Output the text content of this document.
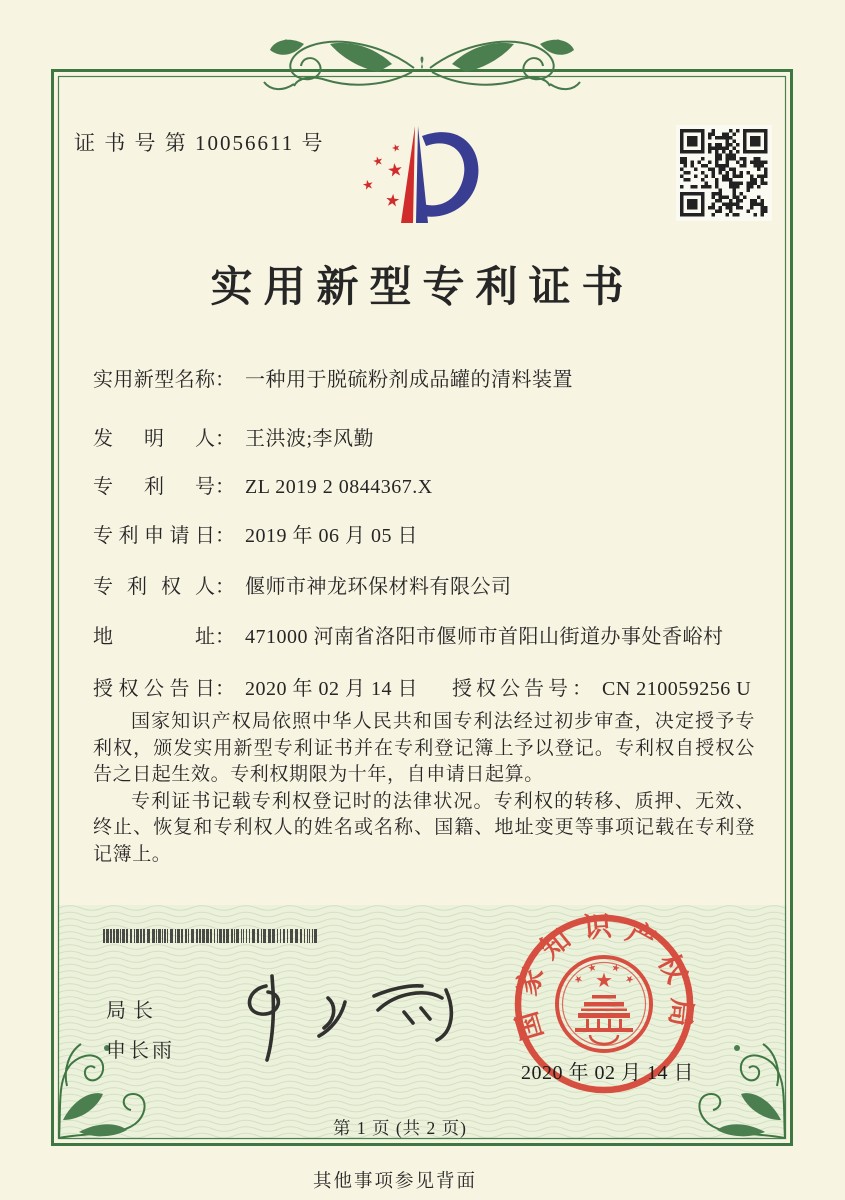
证 书 号 第 10056611 号	★
★ ★
★
★
实用新型专利证书
实用新型名称： 一种用于脱硫粉剂成品罐的清料装置
发明人： 王洪波;李风勤
专利号： ZL 2019 2 0844367.X
专利申请日： 2019 年 06 月 05 日
专利权人： 偃师市神龙环保材料有限公司
地址： 471000 河南省洛阳市偃师市首阳山街道办事处香峪村
授权公告日： 2020 年 02 月 14 日 授权公告号： CN 210059256 U

国家知识产权局依照中华人民共和国专利法经过初步审查，决定授予专利权，颁发实用新型专利证书并在专利登记簿上予以登记。专利权自授权公告之日起生效。专利权期限为十年，自申请日起算。

专利证书记载专利权登记时的法律状况。专利权的转移、质押、无效、终止、恢复和专利权人的姓名或名称、国籍、地址变更等事项记载在专利登记簿上。

国家知识产权局
★
★
★ ★
★
2020 年 02 月 14 日
局长
申长雨
第 1 页 (共 2 页)
其他事项参见背面
